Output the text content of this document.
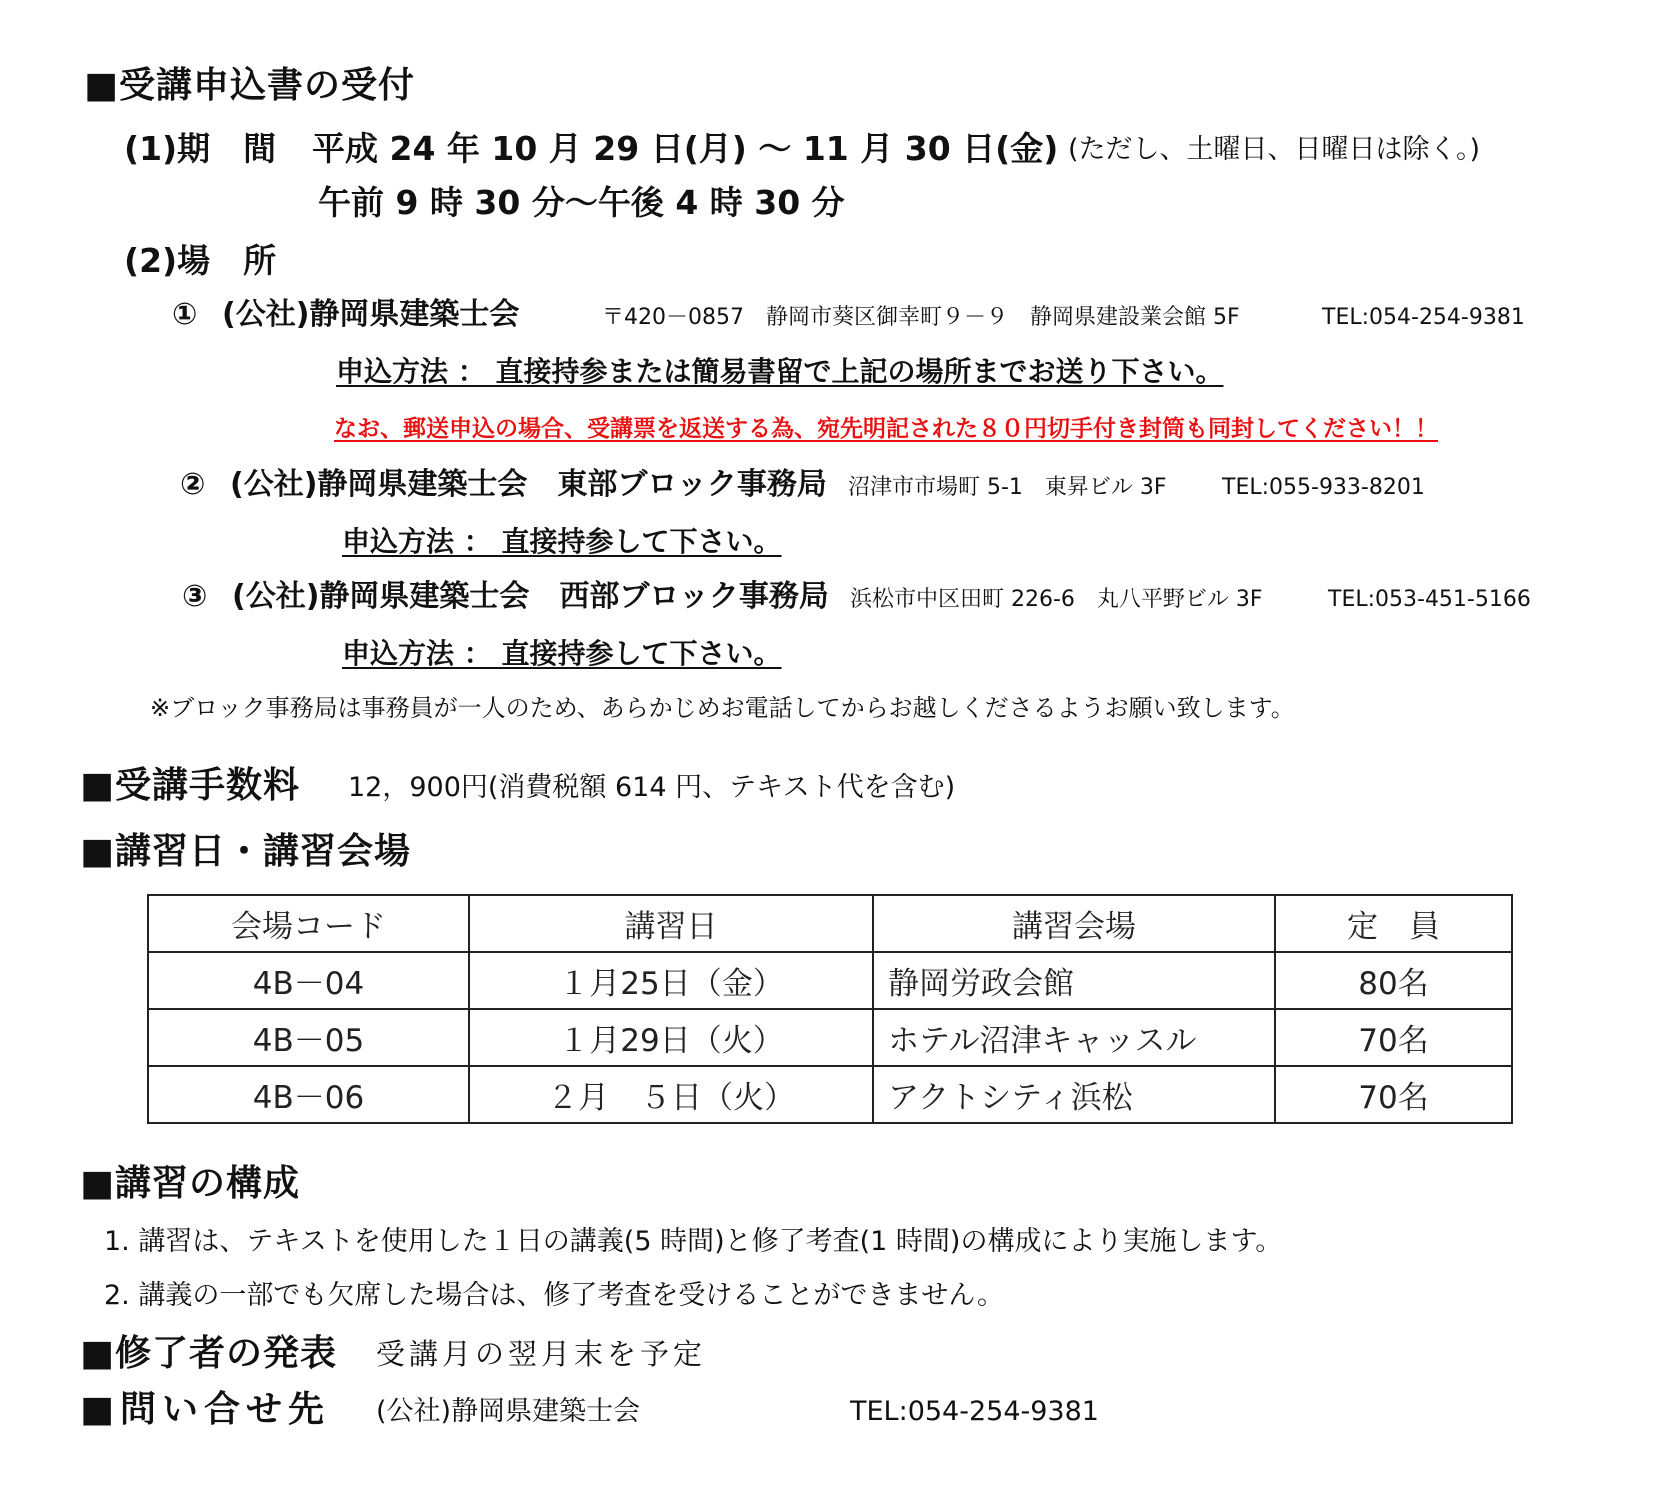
■受講申込書の受付
(1)期　間 平成 24 年 10 月 29 日(月) 〜 11 月 30 日(金) (ただし、土曜日、日曜日は除く。)
午前 9 時 30 分〜午後 4 時 30 分
(2)場　所
① (公社)静岡県建築士会	〒420－0857　静岡市葵区御幸町９－９　静岡県建設業会館 5F	TEL:054-254-9381
申込方法 ： 直接持参または簡易書留で上記の場所までお送り下さい。
なお、郵送申込の場合、受講票を返送する為、宛先明記された８０円切手付き封筒も同封してください！！
② (公社)静岡県建築士会　東部ブロック事務局 沼津市市場町 5-1　東昇ビル 3F	TEL:055-933-8201
申込方法 ： 直接持参して下さい。
③ (公社)静岡県建築士会　西部ブロック事務局 浜松市中区田町 226-6　丸八平野ビル 3F	TEL:053-451-5166
申込方法 ： 直接持参して下さい。
※ブロック事務局は事務員が一人のため、あらかじめお電話してからお越しくださるようお願い致します。
■受講手数料 12，900円(消費税額 614 円、テキスト代を含む)
■講習日・講習会場
会場コード	講習日	講習会場	定　員
4B－04	１月25日（金）	静岡労政会館	80名
4B－05	１月29日（火）	ホテル沼津キャッスル	70名
4B－06	２月　５日（火）	アクトシティ浜松	70名
■講習の構成
1. 講習は、テキストを使用した１日の講義(5 時間)と修了考査(1 時間)の構成により実施します。
2. 講義の一部でも欠席した場合は、修了考査を受けることができません。
■修了者の発表 受講月の翌月末を予定
■問い合せ先 (公社)静岡県建築士会	TEL:054-254-9381
